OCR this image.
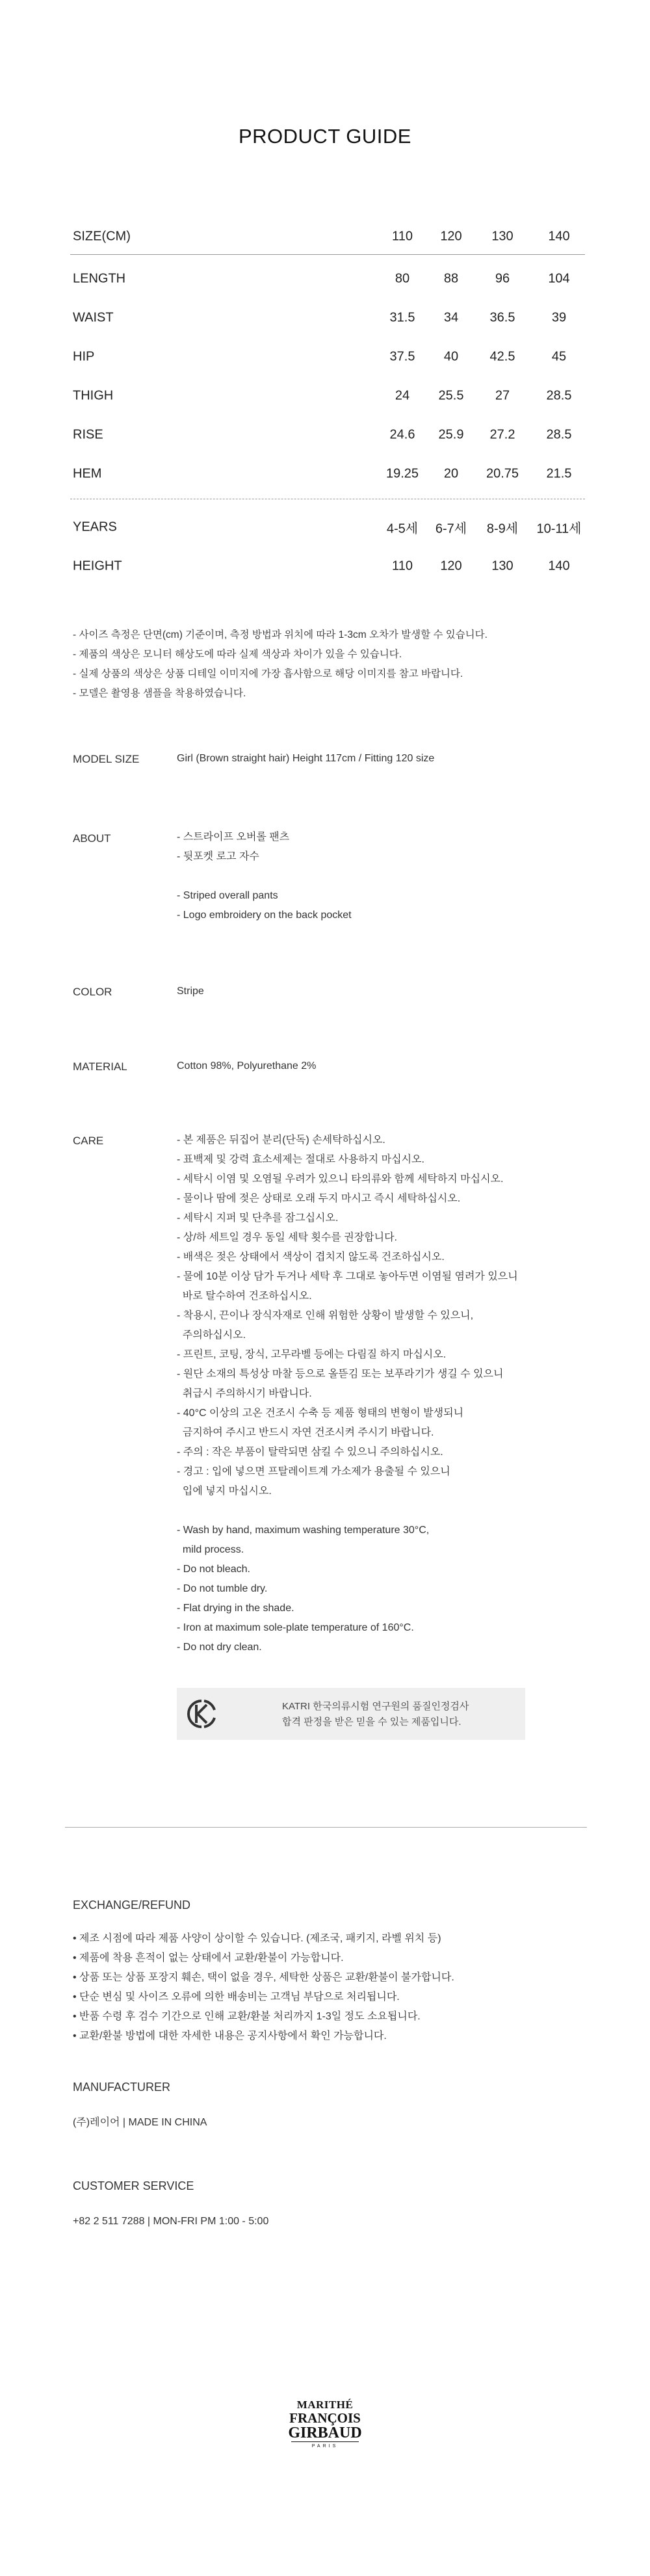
PRODUCT GUIDE
SIZE(CM)	110 120 130	140
LENGTH	80	88	96	104
WAIST	31.5 34 36.5	39
HIP	37.5 40 42.5	45
THIGH	24 25.5 27	28.5
RISE	24.6 25.9 27.2 28.5
HEM	19.25 20 20.75 21.5
YEARS	4-5세 6-7세 8-9세 10-11세
HEIGHT	110 120 130	140
- 사이즈 측정은 단면(cm) 기준이며, 측정 방법과 위치에 따라 1-3cm 오차가 발생할 수 있습니다.
- 제품의 색상은 모니터 해상도에 따라 실제 색상과 차이가 있을 수 있습니다.
- 실제 상품의 색상은 상품 디테일 이미지에 가장 흡사함으로 해당 이미지를 참고 바랍니다.
- 모델은 촬영용 샘플을 착용하였습니다.
MODEL SIZE	Girl (Brown straight hair) Height 117cm / Fitting 120 size
ABOUT	- 스트라이프 오버롤 팬츠
- 뒷포켓 로고 자수
- Striped overall pants
- Logo embroidery on the back pocket
COLOR	Stripe
MATERIAL	Cotton 98%, Polyurethane 2%
CARE	- 본 제품은 뒤집어 분리(단독) 손세탁하십시오.
- 표백제 및 강력 효소세제는 절대로 사용하지 마십시오.
- 세탁시 이염 및 오염될 우려가 있으니 타의류와 함께 세탁하지 마십시오.
- 물이나 땀에 젖은 상태로 오래 두지 마시고 즉시 세탁하십시오.
- 세탁시 지퍼 및 단추를 잠그십시오.
- 상/하 세트일 경우 동일 세탁 횟수를 권장합니다.
- 배색은 젖은 상태에서 색상이 겹치지 않도록 건조하십시오.
- 물에 10분 이상 담가 두거나 세탁 후 그대로 놓아두면 이염될 염려가 있으니
바로 탈수하여 건조하십시오.
- 착용시, 끈이나 장식자재로 인해 위험한 상황이 발생할 수 있으니,
주의하십시오.
- 프린트, 코팅, 장식, 고무라벨 등에는 다림질 하지 마십시오.
- 원단 소재의 특성상 마찰 등으로 올뜯김 또는 보푸라기가 생길 수 있으니
취급시 주의하시기 바랍니다.
- 40°C 이상의 고온 건조시 수축 등 제품 형태의 변형이 발생되니
금지하여 주시고 반드시 자연 건조시켜 주시기 바랍니다.
- 주의 : 작은 부품이 탈락되면 삼킬 수 있으니 주의하십시오.
- 경고 : 입에 넣으면 프탈레이트계 가소제가 용출될 수 있으니
입에 넣지 마십시오.
- Wash by hand, maximum washing temperature 30°C,
mild process.
- Do not bleach.
- Do not tumble dry.
- Flat drying in the shade.
- Iron at maximum sole-plate temperature of 160°C.
- Do not dry clean.
KATRI 한국의류시험 연구원의 품질인정검사
합격 판정을 받은 믿을 수 있는 제품입니다.
EXCHANGE/REFUND
• 제조 시점에 따라 제품 사양이 상이할 수 있습니다. (제조국, 패키지, 라벨 위치 등)
• 제품에 착용 흔적이 없는 상태에서 교환/환불이 가능합니다.
• 상품 또는 상품 포장지 훼손, 택이 없을 경우, 세탁한 상품은 교환/환불이 불가합니다.
• 단순 변심 및 사이즈 오류에 의한 배송비는 고객님 부담으로 처리됩니다.
• 반품 수령 후 검수 기간으로 인해 교환/환불 처리까지 1-3일 정도 소요됩니다.
• 교환/환불 방법에 대한 자세한 내용은 공지사항에서 확인 가능합니다.
MANUFACTURER
(주)레이어 | MADE IN CHINA
CUSTOMER SERVICE
+82 2 511 7288 | MON-FRI PM 1:00 - 5:00
MARITHÉ
FRANÇOIS
GIRBAUD
PARIS
